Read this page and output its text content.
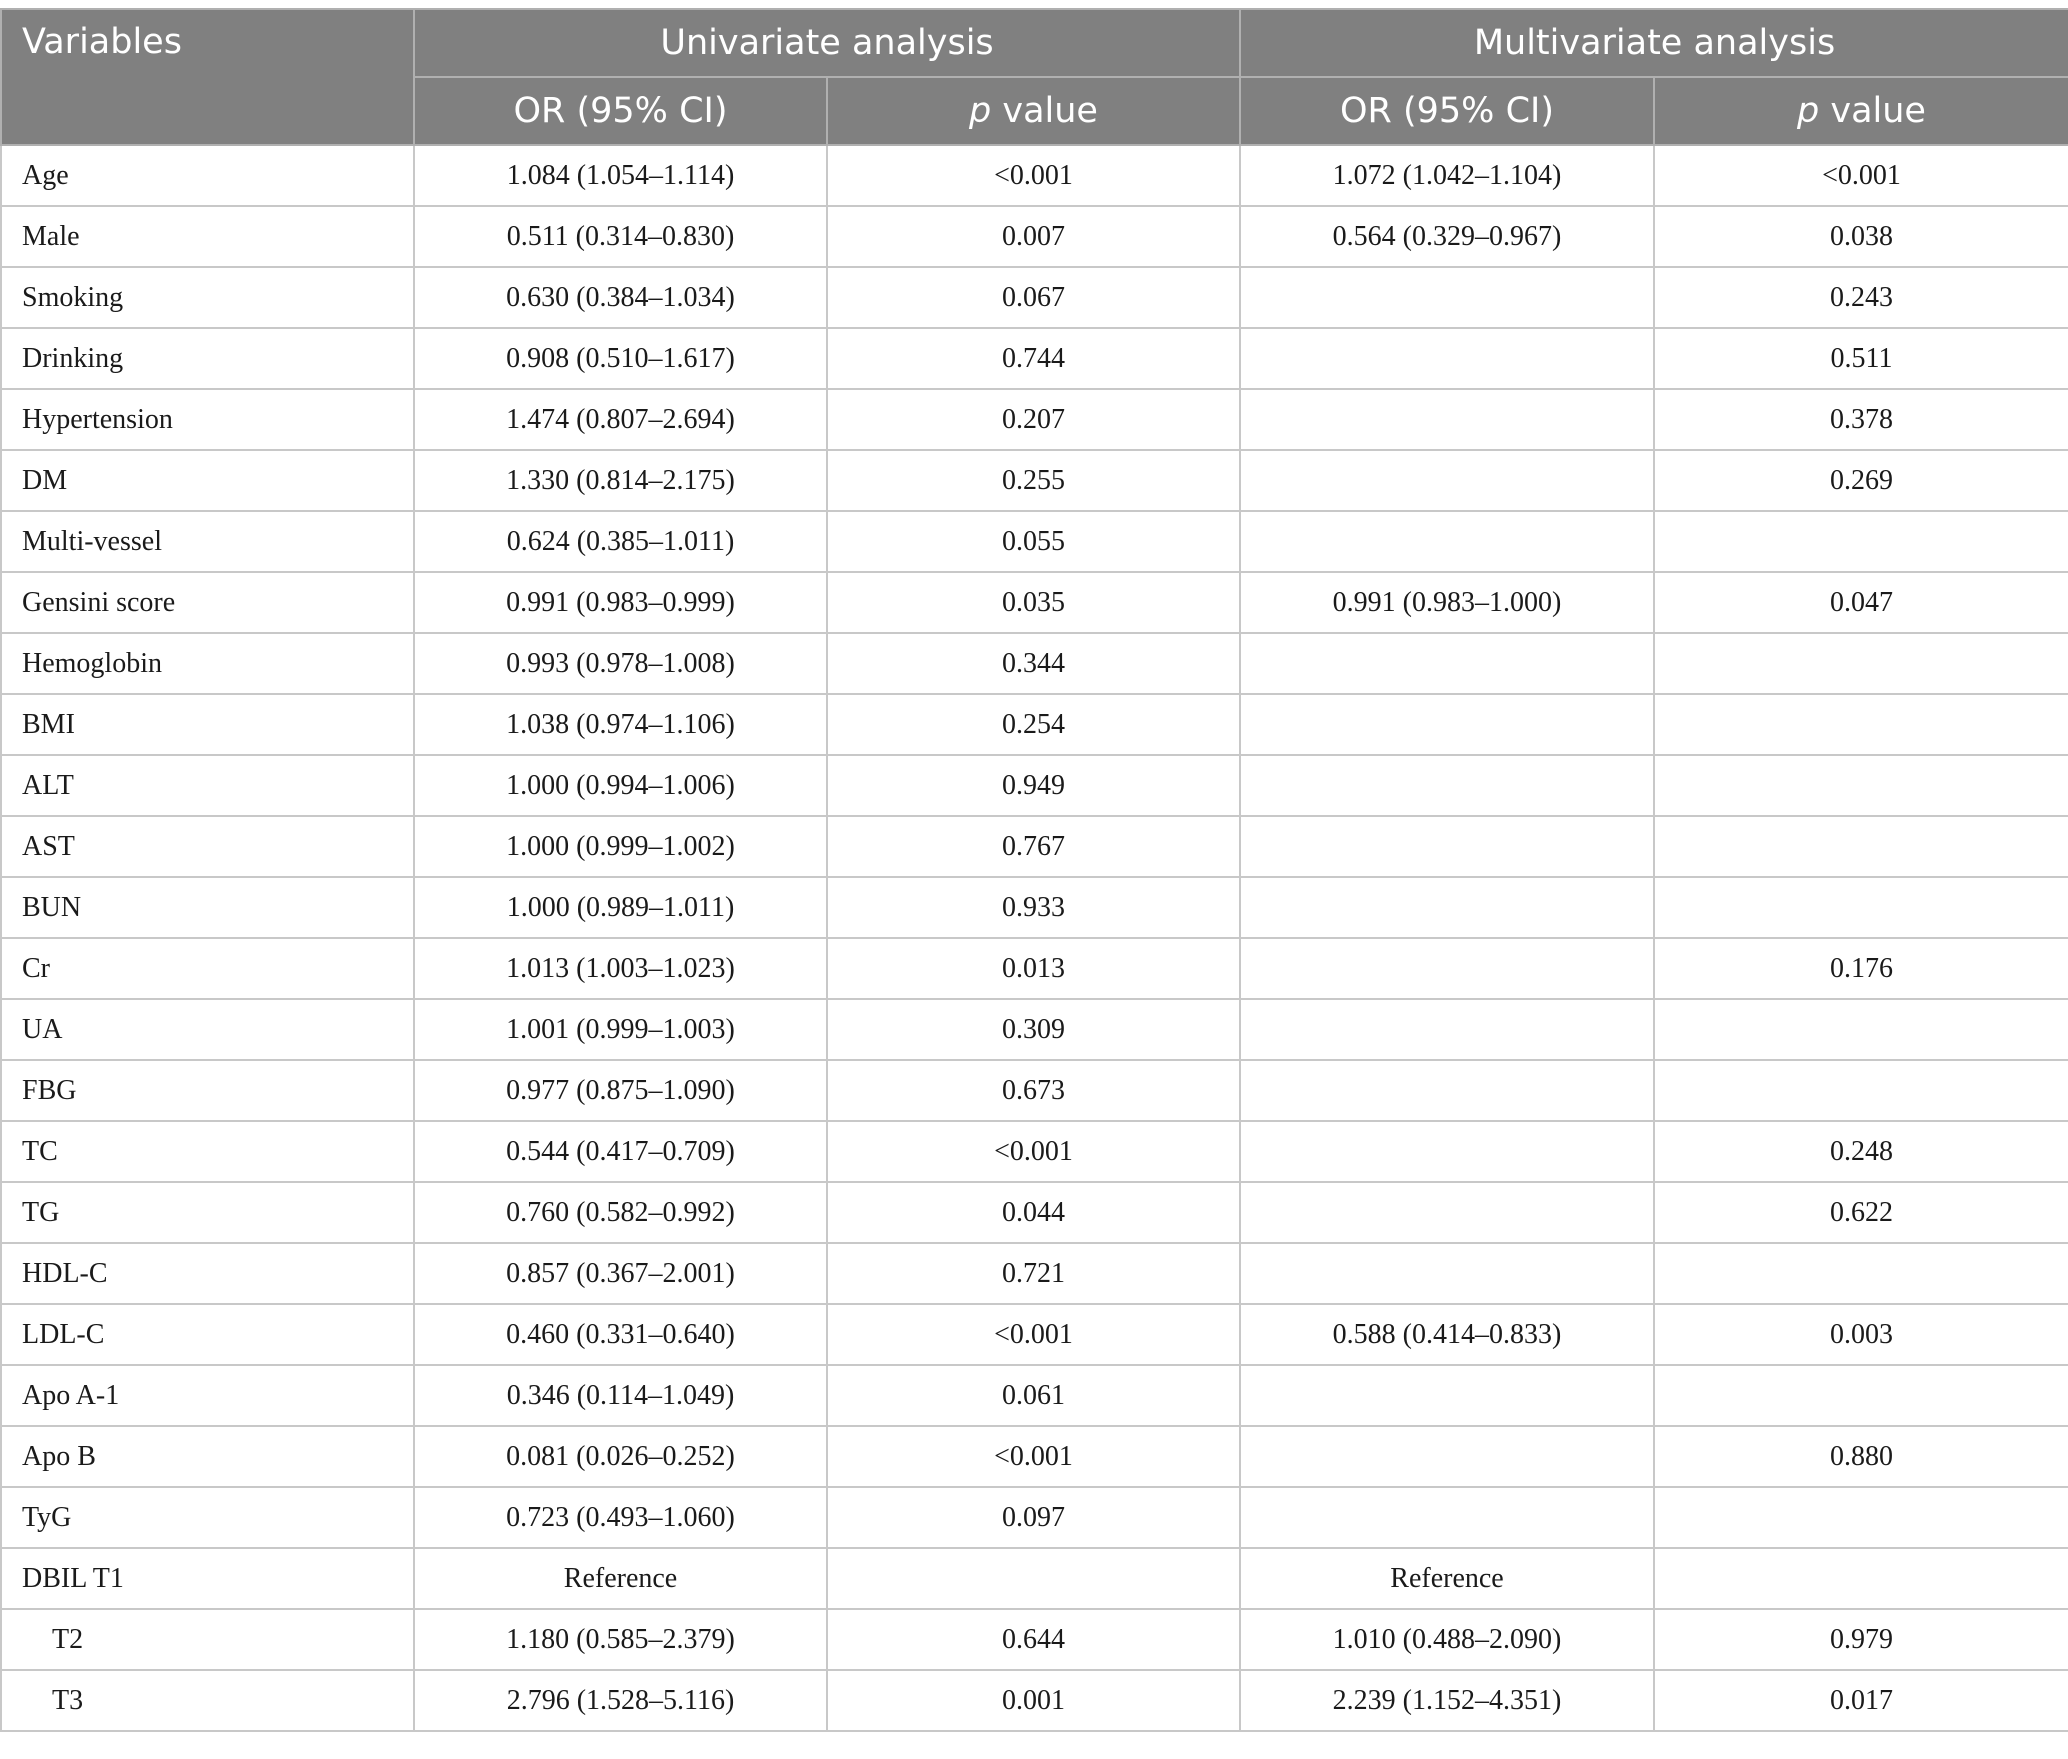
Variables	Univariate analysis		Multivariate analysis	
	OR (95% CI)	p value	OR (95% CI)	p value
Age	1.084 (1.054–1.114)	<0.001	1.072 (1.042–1.104)	<0.001
Male	0.511 (0.314–0.830)	0.007	0.564 (0.329–0.967)	0.038
Smoking	0.630 (0.384–1.034)	0.067		0.243
Drinking	0.908 (0.510–1.617)	0.744		0.511
Hypertension	1.474 (0.807–2.694)	0.207		0.378
DM	1.330 (0.814–2.175)	0.255		0.269
Multi-vessel	0.624 (0.385–1.011)	0.055		
Gensini score	0.991 (0.983–0.999)	0.035	0.991 (0.983–1.000)	0.047
Hemoglobin	0.993 (0.978–1.008)	0.344		
BMI	1.038 (0.974–1.106)	0.254		
ALT	1.000 (0.994–1.006)	0.949		
AST	1.000 (0.999–1.002)	0.767		
BUN	1.000 (0.989–1.011)	0.933		
Cr	1.013 (1.003–1.023)	0.013		0.176
UA	1.001 (0.999–1.003)	0.309		
FBG	0.977 (0.875–1.090)	0.673		
TC	0.544 (0.417–0.709)	<0.001		0.248
TG	0.760 (0.582–0.992)	0.044		0.622
HDL-C	0.857 (0.367–2.001)	0.721		
LDL-C	0.460 (0.331–0.640)	<0.001	0.588 (0.414–0.833)	0.003
Apo A-1	0.346 (0.114–1.049)	0.061		
Apo B	0.081 (0.026–0.252)	<0.001		0.880
TyG	0.723 (0.493–1.060)	0.097		
DBIL T1	Reference		Reference	
T2	1.180 (0.585–2.379)	0.644	1.010 (0.488–2.090)	0.979
T3	2.796 (1.528–5.116)	0.001	2.239 (1.152–4.351)	0.017
